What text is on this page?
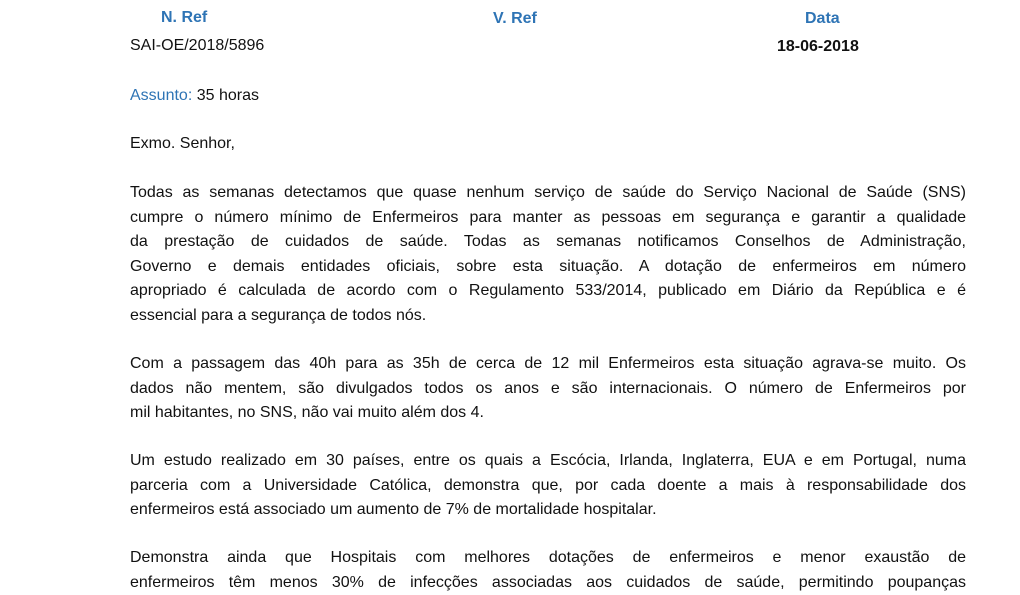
N. Ref
SAI-OE/2018/5896
V. Ref	Data
18-06-2018
Assunto: 35 horas
Exmo. Senhor,
Todas as semanas detectamos que quase nenhum serviço de saúde do Serviço Nacional de Saúde (SNS)
cumpre o número mínimo de Enfermeiros para manter as pessoas em segurança e garantir a qualidade
da prestação de cuidados de saúde. Todas as semanas notificamos Conselhos de Administração,
Governo e demais entidades oficiais, sobre esta situação. A dotação de enfermeiros em número
apropriado é calculada de acordo com o Regulamento 533/2014, publicado em Diário da República e é
essencial para a segurança de todos nós.
Com a passagem das 40h para as 35h de cerca de 12 mil Enfermeiros esta situação agrava-se muito. Os
dados não mentem, são divulgados todos os anos e são internacionais. O número de Enfermeiros por
mil habitantes, no SNS, não vai muito além dos 4.
Um estudo realizado em 30 países, entre os quais a Escócia, Irlanda, Inglaterra, EUA e em Portugal, numa
parceria com a Universidade Católica, demonstra que, por cada doente a mais à responsabilidade dos
enfermeiros está associado um aumento de 7% de mortalidade hospitalar.
Demonstra ainda que Hospitais com melhores dotações de enfermeiros e menor exaustão de
enfermeiros têm menos 30% de infecções associadas aos cuidados de saúde, permitindo poupanças
